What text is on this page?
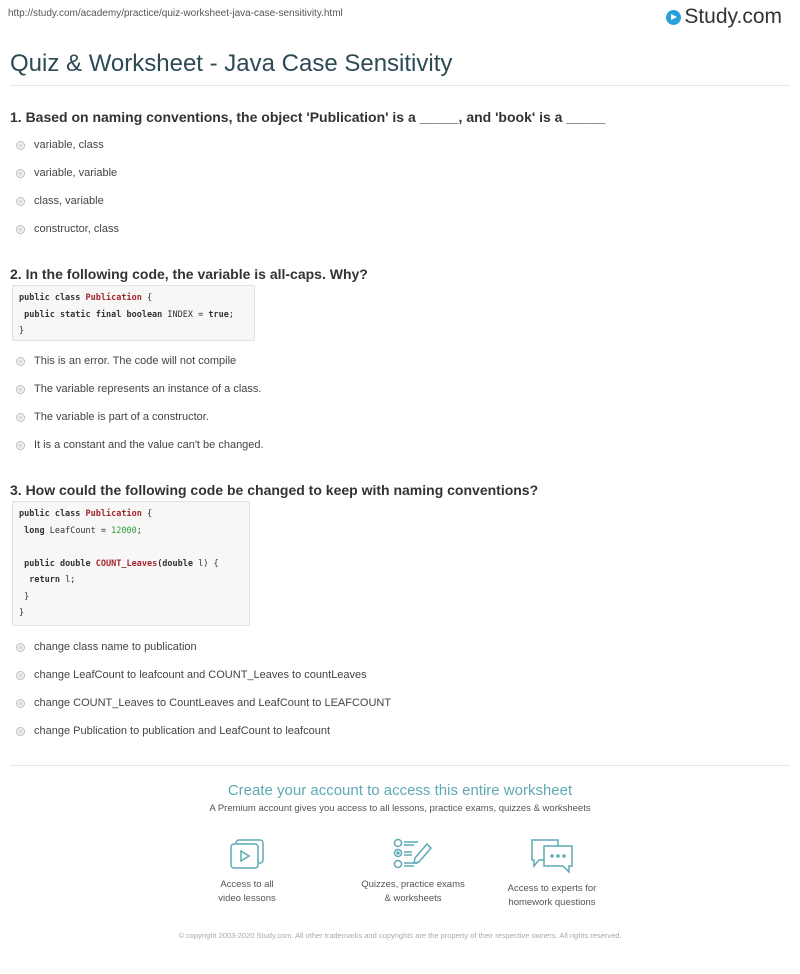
http://study.com/academy/practice/quiz-worksheet-java-case-sensitivity.html	Study.com
Quiz & Worksheet - Java Case Sensitivity
1. Based on naming conventions, the object 'Publication' is a _____, and 'book' is a _____
variable, class
variable, variable
class, variable
constructor, class
2. In the following code, the variable is all-caps. Why?
public class Publication {
public static final boolean INDEX = true;
}
This is an error. The code will not compile
The variable represents an instance of a class.
The variable is part of a constructor.
It is a constant and the value can't be changed.
3. How could the following code be changed to keep with naming conventions?
public class Publication {
long LeafCount = 12000;

public double COUNT_Leaves(double l) {
return l;
}
}
change class name to publication
change LeafCount to leafcount and COUNT_Leaves to countLeaves
change COUNT_Leaves to CountLeaves and LeafCount to LEAFCOUNT
change Publication to publication and LeafCount to leafcount
Create your account to access this entire worksheet
A Premium account gives you access to all lessons, practice exams, quizzes & worksheets
Access to all
video lessons
Quizzes, practice exams
& worksheets
Access to experts for
homework questions
© copyright 2003-2020 Study.com. All other trademarks and copyrights are the property of their respective owners. All rights reserved.
